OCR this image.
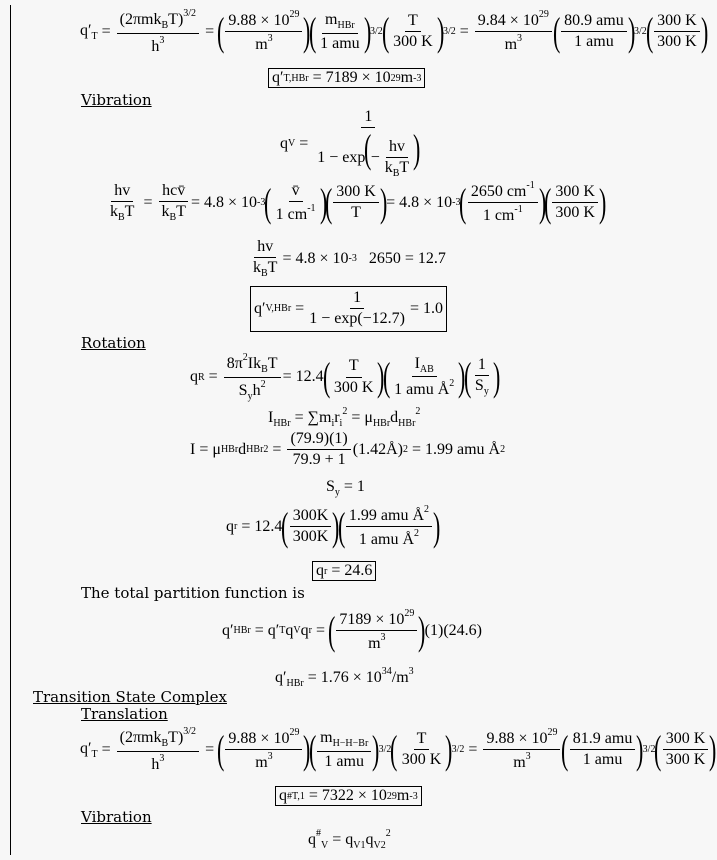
$q'_T = \frac{(2\pi mk_BT)^{3/2}}{h^3}$ = ( $\frac{9.88 \times 10^{29}}{m^3}$ )
( $\frac{m_{HBr}}{\text{1 amu}}$ )
3/2
( $\frac{T}{300 K}$ )
$3/2 = \frac{9.84 \times 10^{29}}{m^3}$ ( $\frac{\text{80.9 amu}}{\text{1 amu}}$ )
3/2
( $\frac{300 K}{300 K}$ )
q′ T,HBr
= 7189 × 10 29 m -3
Vibration
q $V = \frac{1}{1 - \exp(- \frac{hv}{k_BT} )}$
$\frac{hv}{k_BT} = \frac{\text{hcv̄}}{k_BT} = 4.8 \times 10$ -3
( $\frac{v̄}{1 cm^{-1}}$ )
( $\frac{300 K}{T}$ )
= 4.8 × 10 -3
( $\frac{2650 cm^{-1}}{1 cm^{-1}}$ )
( $\frac{300 K}{300 K}$ )
$\frac{hv}{k_BT} = 4.8 \times 10$ -3
2650 = 12.7
q′ $V,HBr = \frac{1}{1 - \exp(-12.7)} = 1.0$
Rotation
q $R = \frac{8\pi^2Ik_BT}{S_yh^2} = 12.4$
( $\frac{T}{300 K}$ )
( $\frac{I_{AB}}{1 amu Å^2}$ )
( $\frac{1}{S_y}$ )
$I_{HBr} = \sum m_ir_i^2 = \mu_{HBr}d_{HBr}^2$
I = μ HBr d HBr $2 = \frac{(79.9)(1)}{79.9 + 1}$ (1.42Å) 2
= 1.99 amu Å 2
$S_y = 1$
q r
= 12.4
( $\frac{300K}{300K}$ )
( $\frac{1.99 amu Å^2}{1 amu Å^2}$ )
q r
= 24.6
The total partition function is
q′ HBr = q′ T q V q r = ( $\frac{7189 \times 10^{29}}{m^3}$ )
(1)(24.6)
$q'_{HBr} = 1.76 \times 10^{34}/m^3$
Transition State Complex
Translation
$q'_T = \frac{(2\pi mk_BT)^{3/2}}{h^3}$ = ( $\frac{9.88 \times 10^{29}}{m^3}$ )
( $\frac{m_{H-H-Br}}{\text{1 amu}}$ )
3/2
( $\frac{T}{300 K}$ )
$3/2 = \frac{9.88 \times 10^{29}}{m^3}$ ( $\frac{\text{81.9 amu}}{\text{1 amu}}$ )
3/2
( $\frac{300 K}{300 K}$ )
q # T,1
= 7322 × 10 29 m -3
Vibration
$q^{\#}_V = q_{V1}q_{V2}^2$
